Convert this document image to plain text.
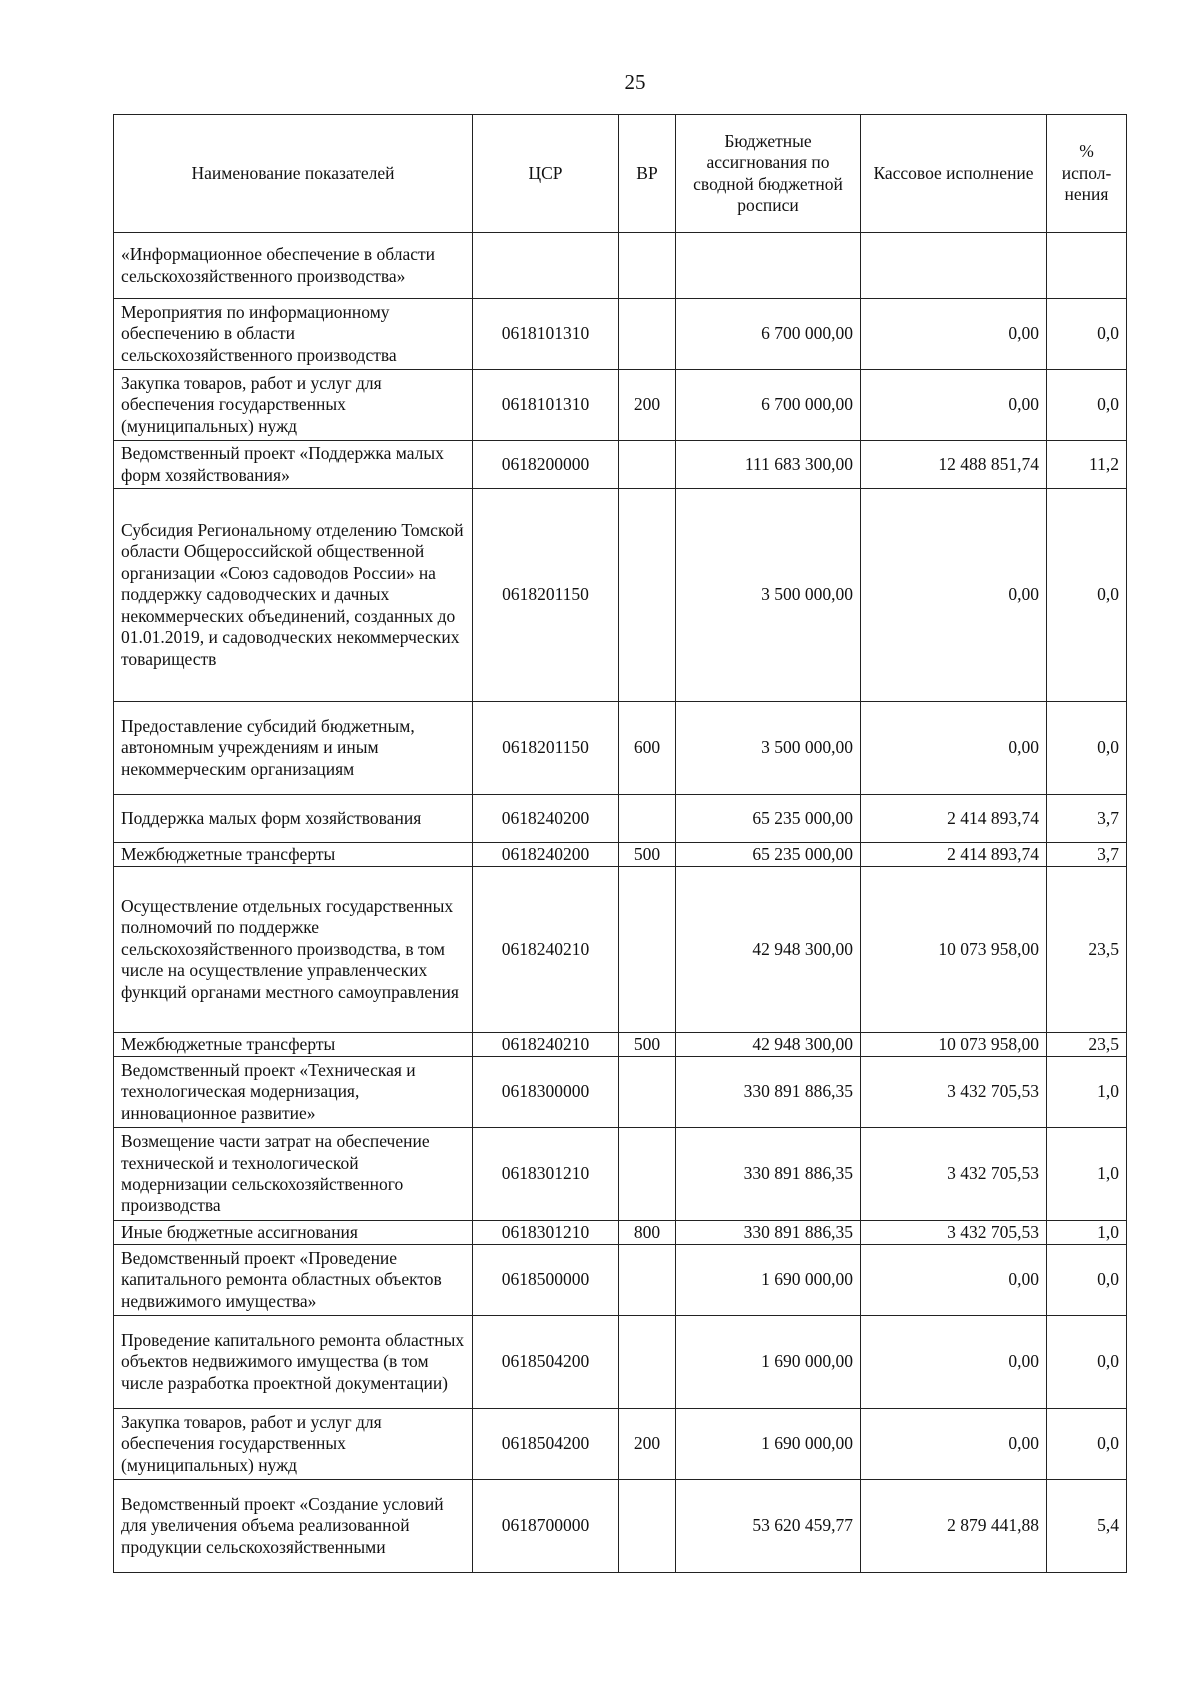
25
Наименование показателей	ЦСР	ВР	Бюджетные ассигнования по сводной бюджетной росписи	Кассовое исполнение	% испол-нения
«Информационное обеспечение в области сельскохозяйственного производства»					
Мероприятия по информационному обеспечению в области сельскохозяйственного производства	0618101310		6 700 000,00	0,00	0,0
Закупка товаров, работ и услуг для обеспечения государственных (муниципальных) нужд	0618101310	200	6 700 000,00	0,00	0,0
Ведомственный проект «Поддержка малых форм хозяйствования»	0618200000		111 683 300,00	12 488 851,74	11,2
Субсидия Региональному отделению Томской области Общероссийской общественной организации «Союз садоводов России» на поддержку садоводческих и дачных некоммерческих объединений, созданных до 01.01.2019, и садоводческих некоммерческих товариществ	0618201150		3 500 000,00	0,00	0,0
Предоставление субсидий бюджетным, автономным учреждениям и иным некоммерческим организациям	0618201150	600	3 500 000,00	0,00	0,0
Поддержка малых форм хозяйствования	0618240200		65 235 000,00	2 414 893,74	3,7
Межбюджетные трансферты	0618240200	500	65 235 000,00	2 414 893,74	3,7
Осуществление отдельных государственных полномочий по поддержке сельскохозяйственного производства, в том числе на осуществление управленческих функций органами местного самоуправления	0618240210		42 948 300,00	10 073 958,00	23,5
Межбюджетные трансферты	0618240210	500	42 948 300,00	10 073 958,00	23,5
Ведомственный проект «Техническая и технологическая модернизация, инновационное развитие»	0618300000		330 891 886,35	3 432 705,53	1,0
Возмещение части затрат на обеспечение технической и технологической модернизации сельскохозяйственного производства	0618301210		330 891 886,35	3 432 705,53	1,0
Иные бюджетные ассигнования	0618301210	800	330 891 886,35	3 432 705,53	1,0
Ведомственный проект «Проведение капитального ремонта областных объектов недвижимого имущества»	0618500000		1 690 000,00	0,00	0,0
Проведение капитального ремонта областных объектов недвижимого имущества (в том числе разработка проектной документации)	0618504200		1 690 000,00	0,00	0,0
Закупка товаров, работ и услуг для обеспечения государственных (муниципальных) нужд	0618504200	200	1 690 000,00	0,00	0,0
Ведомственный проект «Создание условий для увеличения объема реализованной продукции сельскохозяйственными	0618700000		53 620 459,77	2 879 441,88	5,4
